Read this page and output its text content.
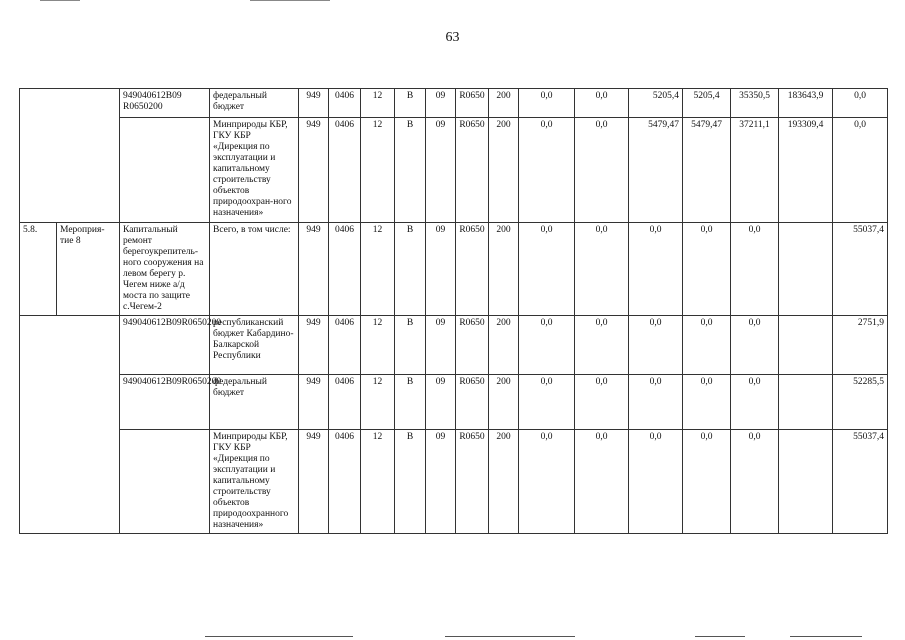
63
		949040612В09 R0650200	федеральный бюджет	949	0406	12	В	09	R0650	200	0,0	0,0	5205,4	5205,4	35350,5	183643,9	0,0
			Минприроды КБР, ГКУ КБР «Дирекция по эксплуатации и капитальному строительству объектов природоохран-ного назначения»	949	0406	12	В	09	R0650	200	0,0	0,0	5479,47	5479,47	37211,1	193309,4	0,0
5.8.	Мероприя-тие 8	Капитальный ремонт берегоукрепитель-ного сооружения на левом берегу р. Чегем ниже а/д моста по защите с.Чегем-2	Всего, в том числе:	949	0406	12	В	09	R0650	200	0,0	0,0	0,0	0,0	0,0		55037,4
		949040612В09R0650200	республиканский бюджет Кабардино-Балкарской Республики	949	0406	12	В	09	R0650	200	0,0	0,0	0,0	0,0	0,0		2751,9
		949040612В09R0650200	федеральный бюджет	949	0406	12	В	09	R0650	200	0,0	0,0	0,0	0,0	0,0		52285,5
			Минприроды КБР, ГКУ КБР «Дирекция по эксплуатации и капитальному строительству объектов природоохранного назначения»	949	0406	12	В	09	R0650	200	0,0	0,0	0,0	0,0	0,0		55037,4
